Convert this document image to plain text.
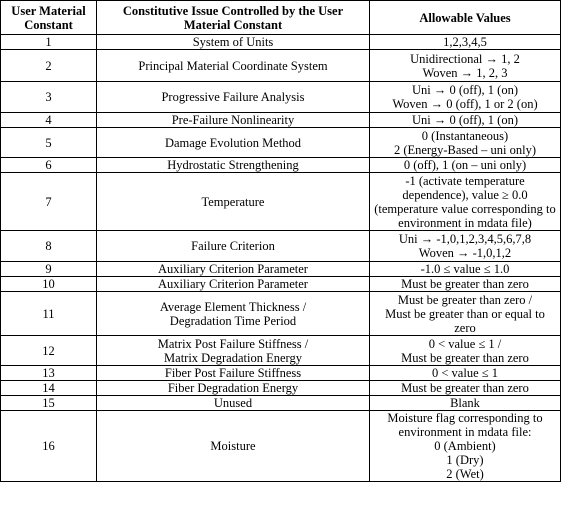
User Material Constant	Constitutive Issue Controlled by the User Material Constant	Allowable Values

1	System of Units	1,2,3,4,5

2	Principal Material Coordinate System	Unidirectional → 1, 2
Woven → 1, 2, 3

3	Progressive Failure Analysis	Uni → 0 (off), 1 (on)
Woven → 0 (off), 1 or 2 (on)

4	Pre-Failure Nonlinearity	Uni → 0 (off), 1 (on)

5	Damage Evolution Method	0 (Instantaneous)
2 (Energy-Based – uni only)

6	Hydrostatic Strengthening	0 (off), 1 (on – uni only)

7	Temperature	-1 (activate temperature
dependence), value ≥ 0.0
(temperature value corresponding to
environment in mdata file)

8	Failure Criterion	Uni → -1,0,1,2,3,4,5,6,7,8
Woven → -1,0,1,2

9	Auxiliary Criterion Parameter	-1.0 ≤ value ≤ 1.0

10	Auxiliary Criterion Parameter	Must be greater than zero

11	Average Element Thickness /
Degradation Time Period	Must be greater than zero /
Must be greater than or equal to
zero

12	Matrix Post Failure Stiffness /
Matrix Degradation Energy	0 < value ≤ 1 /
Must be greater than zero

13	Fiber Post Failure Stiffness	0 < value ≤ 1

14	Fiber Degradation Energy	Must be greater than zero

15	Unused	Blank

16	Moisture	Moisture flag corresponding to
environment in mdata file:
0 (Ambient)
1 (Dry)
2 (Wet)
